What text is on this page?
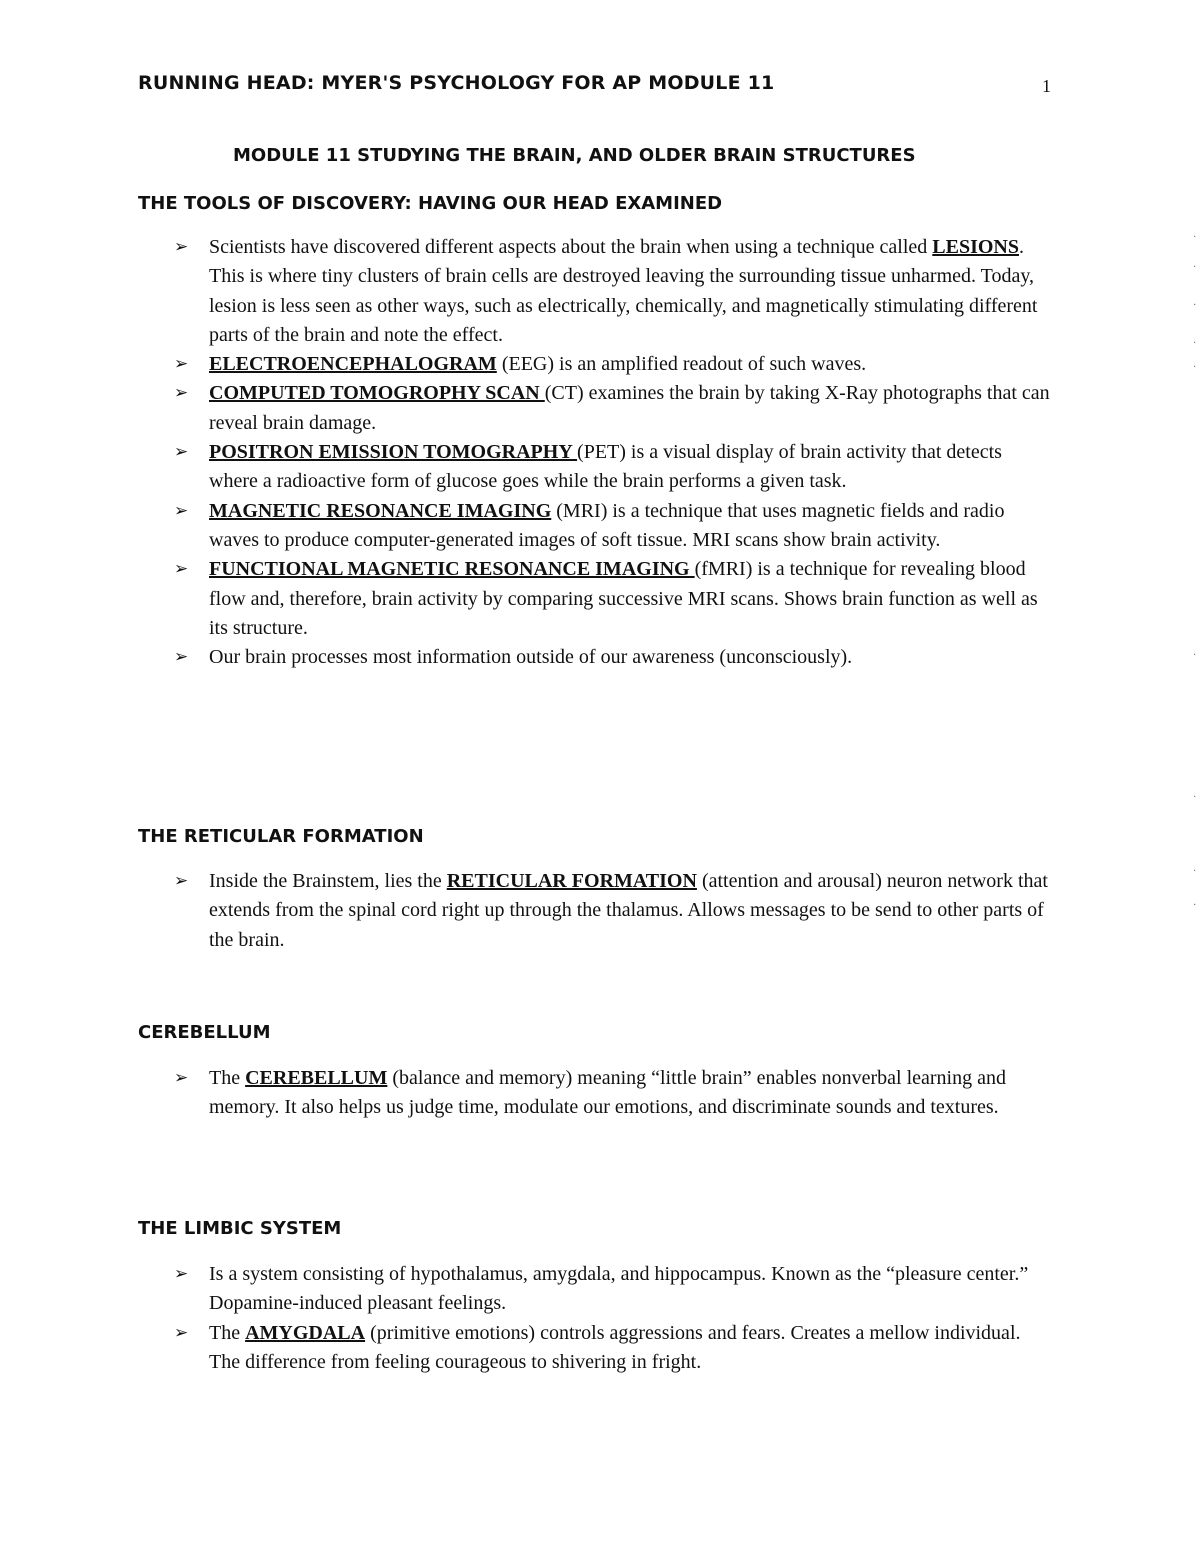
RUNNING HEAD: MYER'S PSYCHOLOGY FOR AP MODULE 11	1
MODULE 11 STUDYING THE BRAIN, AND OLDER BRAIN STRUCTURES
THE TOOLS OF DISCOVERY: HAVING OUR HEAD EXAMINED
➢ Scientists have discovered different aspects about the brain when using a technique called LESIONS. This is where tiny clusters of brain cells are destroyed leaving the surrounding tissue unharmed. Today, lesion is less seen as other ways, such as electrically, chemically, and magnetically stimulating different parts of the brain and note the effect.
➢ ELECTROENCEPHALOGRAM (EEG) is an amplified readout of such waves.
➢ COMPUTED TOMOGROPHY SCAN (CT) examines the brain by taking X-Ray photographs that can reveal brain damage.
➢ POSITRON EMISSION TOMOGRAPHY (PET) is a visual display of brain activity that detects where a radioactive form of glucose goes while the brain performs a given task.
➢ MAGNETIC RESONANCE IMAGING (MRI) is a technique that uses magnetic fields and radio waves to produce computer-generated images of soft tissue. MRI scans show brain activity.
➢ FUNCTIONAL MAGNETIC RESONANCE IMAGING (fMRI) is a technique for revealing blood flow and, therefore, brain activity by comparing successive MRI scans. Shows brain function as well as its structure.
➢ Our brain processes most information outside of our awareness (unconsciously).
THE RETICULAR FORMATION
➢ Inside the Brainstem, lies the RETICULAR FORMATION (attention and arousal) neuron network that extends from the spinal cord right up through the thalamus. Allows messages to be send to other parts of the brain.
CEREBELLUM
➢ The CEREBELLUM (balance and memory) meaning “little brain” enables nonverbal learning and memory. It also helps us judge time, modulate our emotions, and discriminate sounds and textures.
THE LIMBIC SYSTEM
➢ Is a system consisting of hypothalamus, amygdala, and hippocampus. Known as the “pleasure center.” Dopamine-induced pleasant feelings.
➢ The AMYGDALA (primitive emotions) controls aggressions and fears. Creates a mellow individual. The difference from feeling courageous to shivering in fright.
·
·
·
·
·
·
·
·
·
